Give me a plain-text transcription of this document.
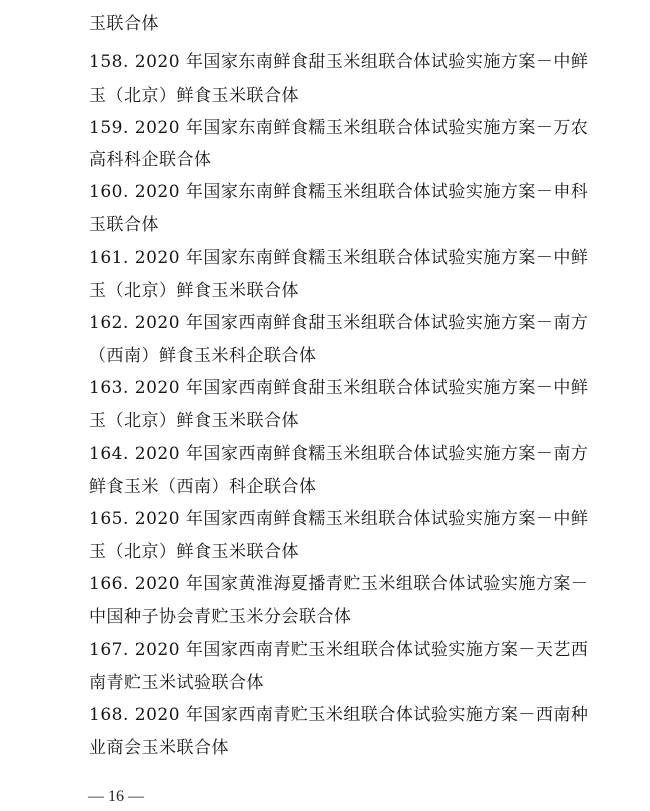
玉联合体
158. 2020 年国家东南鲜食甜玉米组联合体试验实施方案－中鲜
玉（北京）鲜食玉米联合体
159. 2020 年国家东南鲜食糯玉米组联合体试验实施方案－万农
高科科企联合体
160. 2020 年国家东南鲜食糯玉米组联合体试验实施方案－申科
玉联合体
161. 2020 年国家东南鲜食糯玉米组联合体试验实施方案－中鲜
玉（北京）鲜食玉米联合体
162. 2020 年国家西南鲜食甜玉米组联合体试验实施方案－南方
（西南）鲜食玉米科企联合体
163. 2020 年国家西南鲜食甜玉米组联合体试验实施方案－中鲜
玉（北京）鲜食玉米联合体
164. 2020 年国家西南鲜食糯玉米组联合体试验实施方案－南方
鲜食玉米（西南）科企联合体
165. 2020 年国家西南鲜食糯玉米组联合体试验实施方案－中鲜
玉（北京）鲜食玉米联合体
166. 2020 年国家黄淮海夏播青贮玉米组联合体试验实施方案－
中国种子协会青贮玉米分会联合体
167. 2020 年国家西南青贮玉米组联合体试验实施方案－天艺西
南青贮玉米试验联合体
168. 2020 年国家西南青贮玉米组联合体试验实施方案－西南种
业商会玉米联合体
— 16 —
